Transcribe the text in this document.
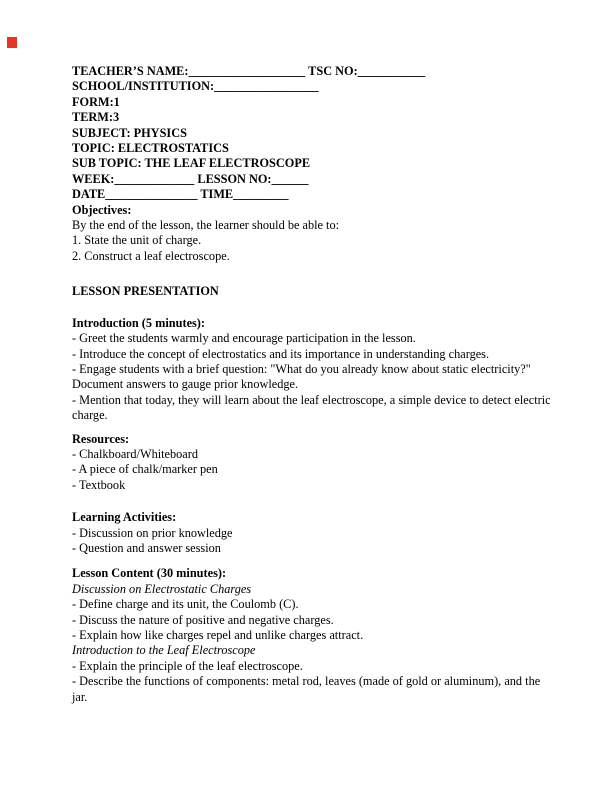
TEACHER’S NAME:___________________ TSC NO:___________
SCHOOL/INSTITUTION:_________________
FORM:1
TERM:3
SUBJECT: PHYSICS
TOPIC: ELECTROSTATICS
SUB TOPIC: THE LEAF ELECTROSCOPE
WEEK:_____________ LESSON NO:______
DATE_______________ TIME_________
Objectives:
By the end of the lesson, the learner should be able to:
1. State the unit of charge.
2. Construct a leaf electroscope.
LESSON PRESENTATION
Introduction (5 minutes):
- Greet the students warmly and encourage participation in the lesson.
- Introduce the concept of electrostatics and its importance in understanding charges.
- Engage students with a brief question: "What do you already know about static electricity?"
Document answers to gauge prior knowledge.
- Mention that today, they will learn about the leaf electroscope, a simple device to detect electric
charge.
Resources:
- Chalkboard/Whiteboard
- A piece of chalk/marker pen
- Textbook
Learning Activities:
- Discussion on prior knowledge
- Question and answer session
Lesson Content (30 minutes):
Discussion on Electrostatic Charges
- Define charge and its unit, the Coulomb (C).
- Discuss the nature of positive and negative charges.
- Explain how like charges repel and unlike charges attract.
Introduction to the Leaf Electroscope
- Explain the principle of the leaf electroscope.
- Describe the functions of components: metal rod, leaves (made of gold or aluminum), and the
jar.
